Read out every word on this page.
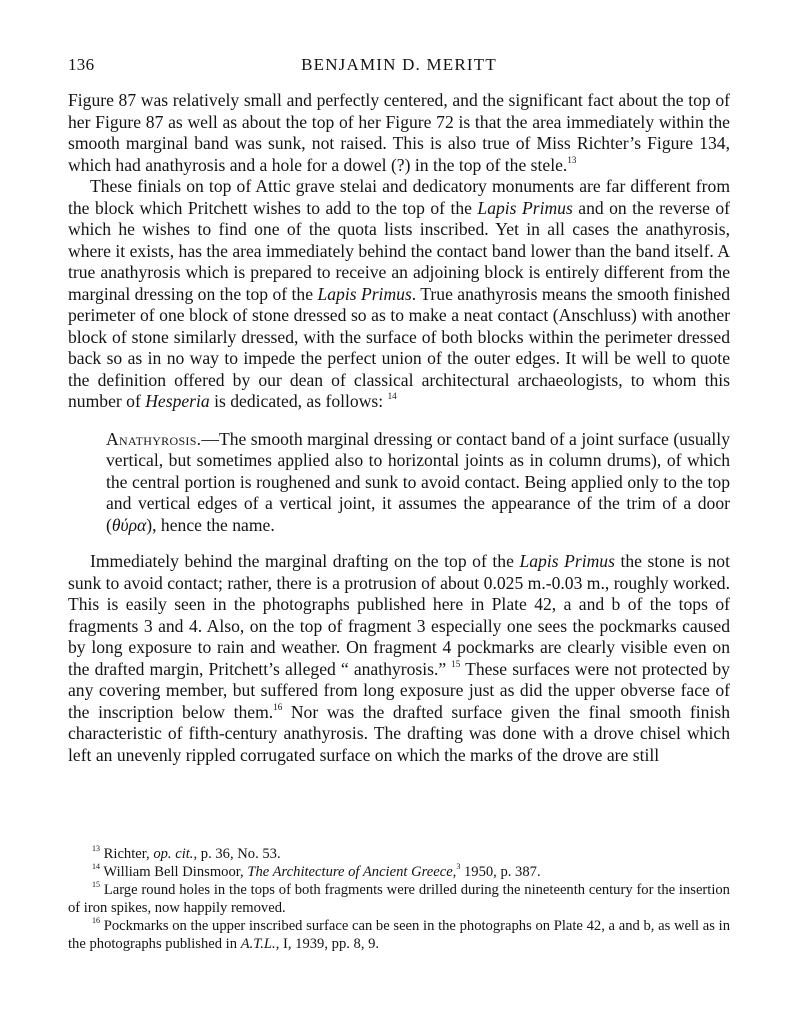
136	BENJAMIN D. MERITT

Figure 87 was relatively small and perfectly centered, and the significant fact about the top of her Figure 87 as well as about the top of her Figure 72 is that the area immediately within the smooth marginal band was sunk, not raised. This is also true of Miss Richter’s Figure 134, which had anathyrosis and a hole for a dowel (?) in the top of the stele.$^{13}$

These finials on top of Attic grave stelai and dedicatory monuments are far different from the block which Pritchett wishes to add to the top of the Lapis Primus and on the reverse of which he wishes to find one of the quota lists inscribed. Yet in all cases the anathyrosis, where it exists, has the area immediately behind the contact band lower than the band itself. A true anathyrosis which is prepared to receive an adjoining block is entirely different from the marginal dressing on the top of the Lapis Primus. True anathyrosis means the smooth finished perimeter of one block of stone dressed so as to make a neat contact (Anschluss) with another block of stone similarly dressed, with the surface of both blocks within the perimeter dressed back so as in no way to impede the perfect union of the outer edges. It will be well to quote the definition offered by our dean of classical architectural archaeologists, to whom this number of Hesperia is dedicated, as follows: $^{14}$

Anathyrosis.—The smooth marginal dressing or contact band of a joint surface (usually vertical, but sometimes applied also to horizontal joints as in column drums), of which the central portion is roughened and sunk to avoid contact. Being applied only to the top and vertical edges of a vertical joint, it assumes the appearance of the trim of a door (θύρα), hence the name.

Immediately behind the marginal drafting on the top of the Lapis Primus the stone is not sunk to avoid contact; rather, there is a protrusion of about 0.025 m.-0.03 m., roughly worked. This is easily seen in the photographs published here in Plate 42, a and b of the tops of fragments 3 and 4. Also, on the top of fragment 3 especially one sees the pockmarks caused by long exposure to rain and weather. On fragment 4 pockmarks are clearly visible even on the drafted margin, Pritchett’s alleged “ anathyrosis.” $^{15}$ These surfaces were not protected by any covering member, but suffered from long exposure just as did the upper obverse face of the inscription below them.$^{16}$ Nor was the drafted surface given the final smooth finish characteristic of fifth-century anathyrosis. The drafting was done with a drove chisel which left an unevenly rippled corrugated surface on which the marks of the drove are still

$^{13}$ Richter, op. cit., p. 36, No. 53.

$^{14}$ William Bell Dinsmoor, The Architecture of Ancient Greece,$^3$ 1950, p. 387.

$^{15}$ Large round holes in the tops of both fragments were drilled during the nineteenth century for the insertion of iron spikes, now happily removed.

$^{16}$ Pockmarks on the upper inscribed surface can be seen in the photographs on Plate 42, a and b, as well as in the photographs published in A.T.L., I, 1939, pp. 8, 9.
